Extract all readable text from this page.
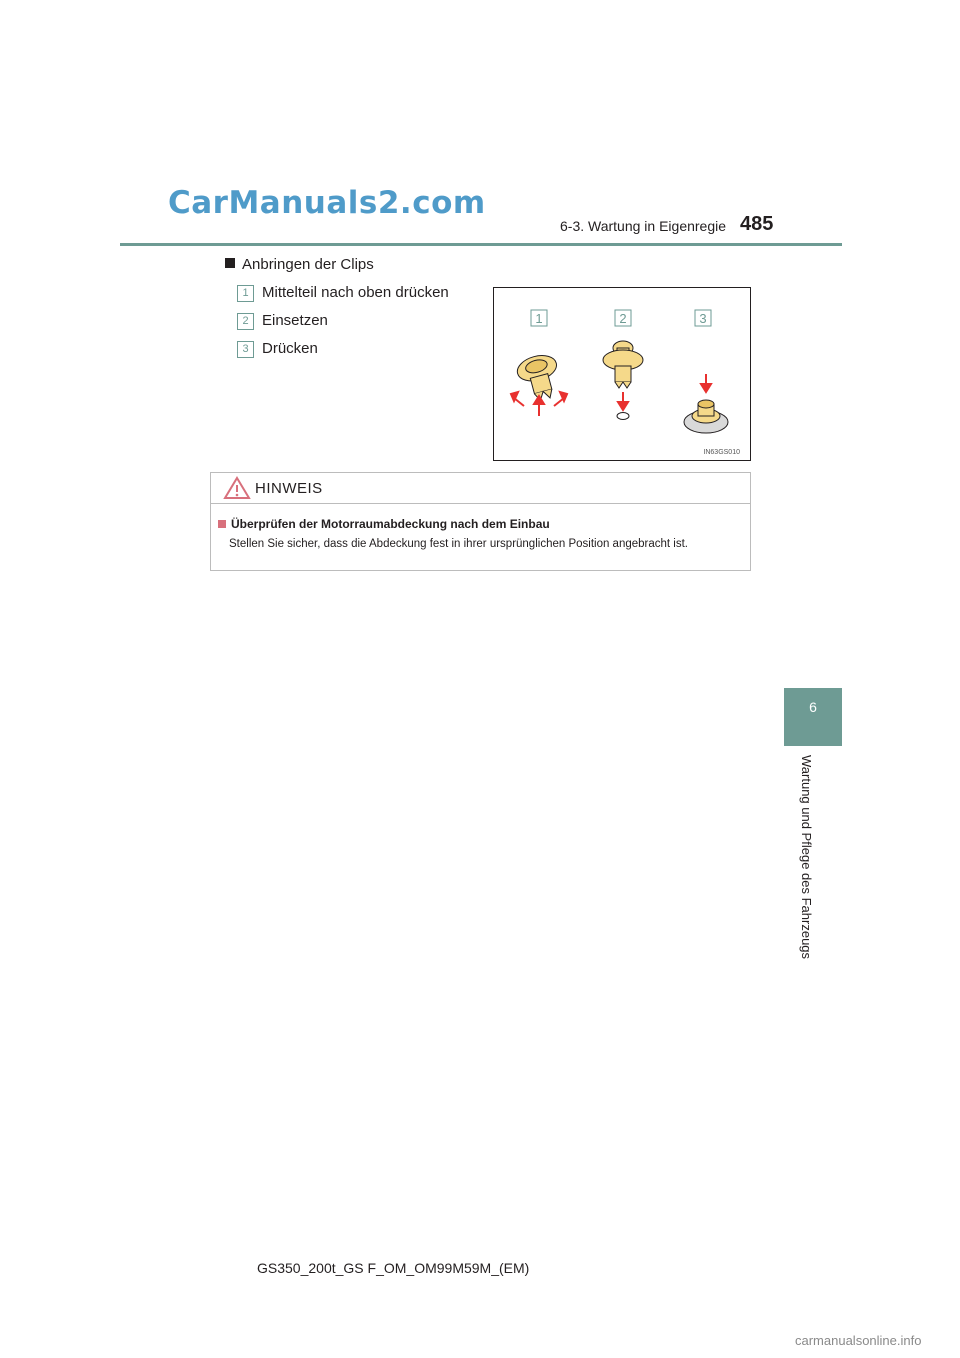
CarManuals2.com
6-3. Wartung in Eigenregie 485
6
Wartung und Pflege des Fahrzeugs
Anbringen der Clips
1 Mittelteil nach oben drücken
2 Einsetzen
3 Drücken
1	2	3
IN63GS010
HINWEIS
Überprüfen der Motorraumabdeckung nach dem Einbau
Stellen Sie sicher, dass die Abdeckung fest in ihrer ursprünglichen Position angebracht ist.
GS350_200t_GS F_OM_OM99M59M_(EM)
carmanualsonline.info
